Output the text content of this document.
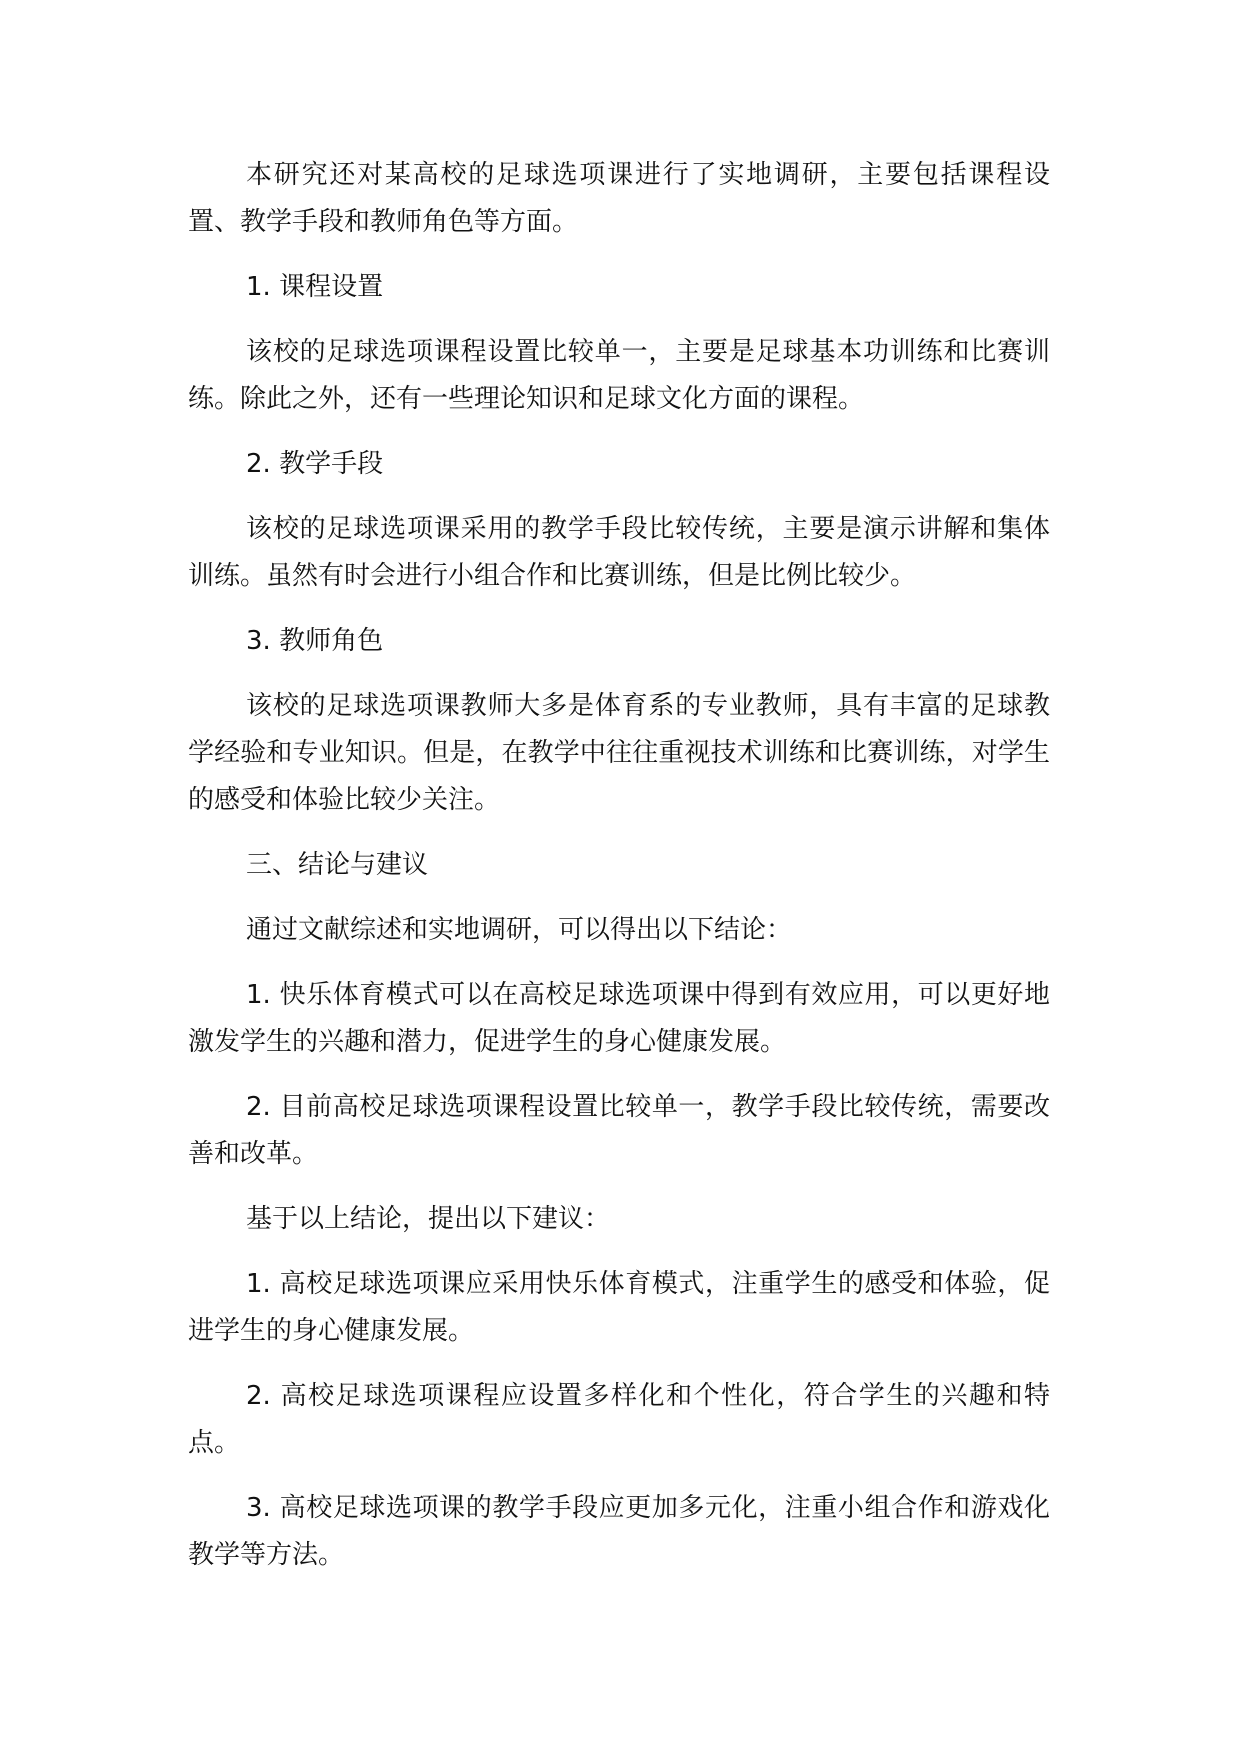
本研究还对某高校的足球选项课进行了实地调研，主要包括课程设置、教学手段和教师角色等方面。

1. 课程设置

该校的足球选项课程设置比较单一，主要是足球基本功训练和比赛训练。除此之外，还有一些理论知识和足球文化方面的课程。

2. 教学手段

该校的足球选项课采用的教学手段比较传统，主要是演示讲解和集体训练。虽然有时会进行小组合作和比赛训练，但是比例比较少。

3. 教师角色

该校的足球选项课教师大多是体育系的专业教师，具有丰富的足球教学经验和专业知识。但是，在教学中往往重视技术训练和比赛训练，对学生的感受和体验比较少关注。

三、结论与建议

通过文献综述和实地调研，可以得出以下结论：

1. 快乐体育模式可以在高校足球选项课中得到有效应用，可以更好地激发学生的兴趣和潜力，促进学生的身心健康发展。

2. 目前高校足球选项课程设置比较单一，教学手段比较传统，需要改善和改革。

基于以上结论，提出以下建议：

1. 高校足球选项课应采用快乐体育模式，注重学生的感受和体验，促进学生的身心健康发展。

2. 高校足球选项课程应设置多样化和个性化，符合学生的兴趣和特点。

3. 高校足球选项课的教学手段应更加多元化，注重小组合作和游戏化教学等方法。
